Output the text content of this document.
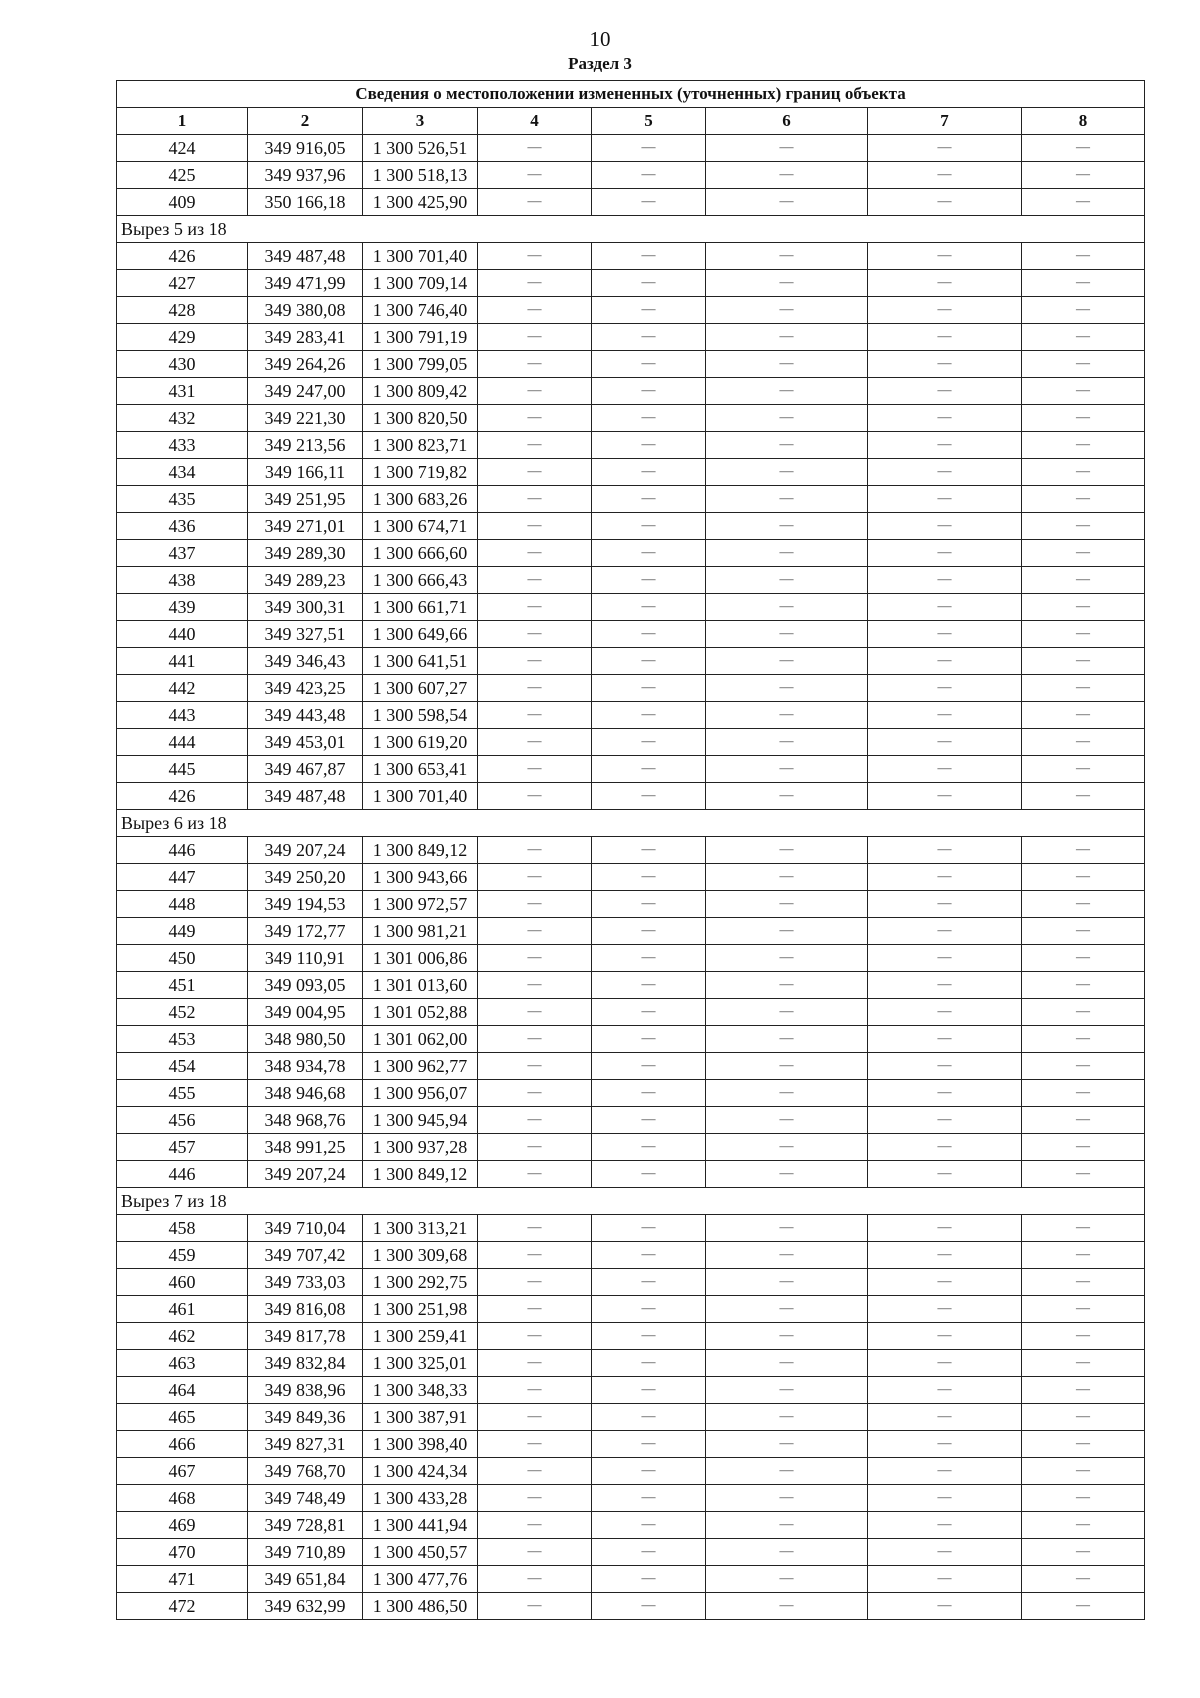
10
Раздел 3
Сведения о местоположении измененных (уточненных) границ объекта							
1	2	3	4	5	6	7	8
424	349 916,05	1 300 526,51	—	—	—	—	—
425	349 937,96	1 300 518,13	—	—	—	—	—
409	350 166,18	1 300 425,90	—	—	—	—	—
Вырез 5 из 18							
426	349 487,48	1 300 701,40	—	—	—	—	—
427	349 471,99	1 300 709,14	—	—	—	—	—
428	349 380,08	1 300 746,40	—	—	—	—	—
429	349 283,41	1 300 791,19	—	—	—	—	—
430	349 264,26	1 300 799,05	—	—	—	—	—
431	349 247,00	1 300 809,42	—	—	—	—	—
432	349 221,30	1 300 820,50	—	—	—	—	—
433	349 213,56	1 300 823,71	—	—	—	—	—
434	349 166,11	1 300 719,82	—	—	—	—	—
435	349 251,95	1 300 683,26	—	—	—	—	—
436	349 271,01	1 300 674,71	—	—	—	—	—
437	349 289,30	1 300 666,60	—	—	—	—	—
438	349 289,23	1 300 666,43	—	—	—	—	—
439	349 300,31	1 300 661,71	—	—	—	—	—
440	349 327,51	1 300 649,66	—	—	—	—	—
441	349 346,43	1 300 641,51	—	—	—	—	—
442	349 423,25	1 300 607,27	—	—	—	—	—
443	349 443,48	1 300 598,54	—	—	—	—	—
444	349 453,01	1 300 619,20	—	—	—	—	—
445	349 467,87	1 300 653,41	—	—	—	—	—
426	349 487,48	1 300 701,40	—	—	—	—	—
Вырез 6 из 18							
446	349 207,24	1 300 849,12	—	—	—	—	—
447	349 250,20	1 300 943,66	—	—	—	—	—
448	349 194,53	1 300 972,57	—	—	—	—	—
449	349 172,77	1 300 981,21	—	—	—	—	—
450	349 110,91	1 301 006,86	—	—	—	—	—
451	349 093,05	1 301 013,60	—	—	—	—	—
452	349 004,95	1 301 052,88	—	—	—	—	—
453	348 980,50	1 301 062,00	—	—	—	—	—
454	348 934,78	1 300 962,77	—	—	—	—	—
455	348 946,68	1 300 956,07	—	—	—	—	—
456	348 968,76	1 300 945,94	—	—	—	—	—
457	348 991,25	1 300 937,28	—	—	—	—	—
446	349 207,24	1 300 849,12	—	—	—	—	—
Вырез 7 из 18							
458	349 710,04	1 300 313,21	—	—	—	—	—
459	349 707,42	1 300 309,68	—	—	—	—	—
460	349 733,03	1 300 292,75	—	—	—	—	—
461	349 816,08	1 300 251,98	—	—	—	—	—
462	349 817,78	1 300 259,41	—	—	—	—	—
463	349 832,84	1 300 325,01	—	—	—	—	—
464	349 838,96	1 300 348,33	—	—	—	—	—
465	349 849,36	1 300 387,91	—	—	—	—	—
466	349 827,31	1 300 398,40	—	—	—	—	—
467	349 768,70	1 300 424,34	—	—	—	—	—
468	349 748,49	1 300 433,28	—	—	—	—	—
469	349 728,81	1 300 441,94	—	—	—	—	—
470	349 710,89	1 300 450,57	—	—	—	—	—
471	349 651,84	1 300 477,76	—	—	—	—	—
472	349 632,99	1 300 486,50	—	—	—	—	—
